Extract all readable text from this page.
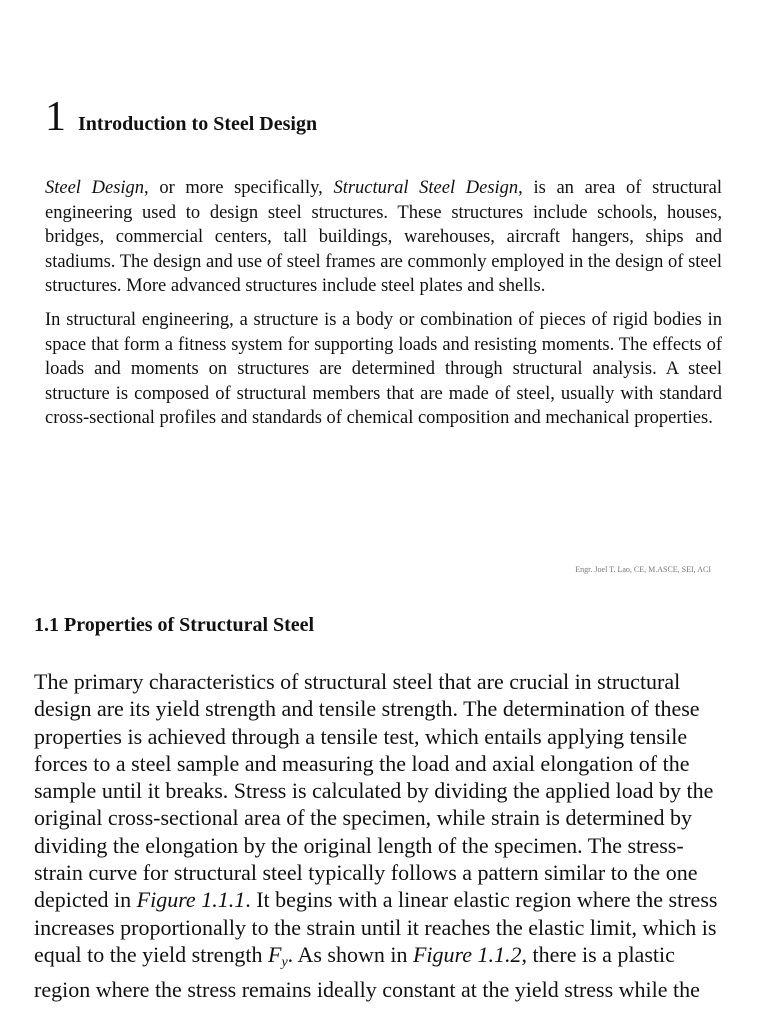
1 Introduction to Steel Design

Steel Design, or more specifically, Structural Steel Design, is an area of structural engineering used to design steel structures. These structures include schools, houses, bridges, commercial centers, tall buildings, warehouses, aircraft hangers, ships and stadiums. The design and use of steel frames are commonly employed in the design of steel structures. More advanced structures include steel plates and shells.

In structural engineering, a structure is a body or combination of pieces of rigid bodies in space that form a fitness system for supporting loads and resisting moments. The effects of loads and moments on structures are determined through structural analysis. A steel structure is composed of structural members that are made of steel, usually with standard cross-sectional profiles and standards of chemical composition and mechanical properties.

Engr. Joel T. Lao, CE, M.ASCE, SEI, ACI
1.1 Properties of Structural Steel

The primary characteristics of structural steel that are crucial in structural design are its yield strength and tensile strength. The determination of these properties is achieved through a tensile test, which entails applying tensile forces to a steel sample and measuring the load and axial elongation of the sample until it breaks. Stress is calculated by dividing the applied load by the original cross-sectional area of the specimen, while strain is determined by dividing the elongation by the original length of the specimen. The stress-strain curve for structural steel typically follows a pattern similar to the one depicted in Figure 1.1.1. It begins with a linear elastic region where the stress increases proportionally to the strain until it reaches the elastic limit, which is equal to the yield strength $F_y$. As shown in Figure 1.1.2, there is a plastic region where the stress remains ideally constant at the yield stress while the
